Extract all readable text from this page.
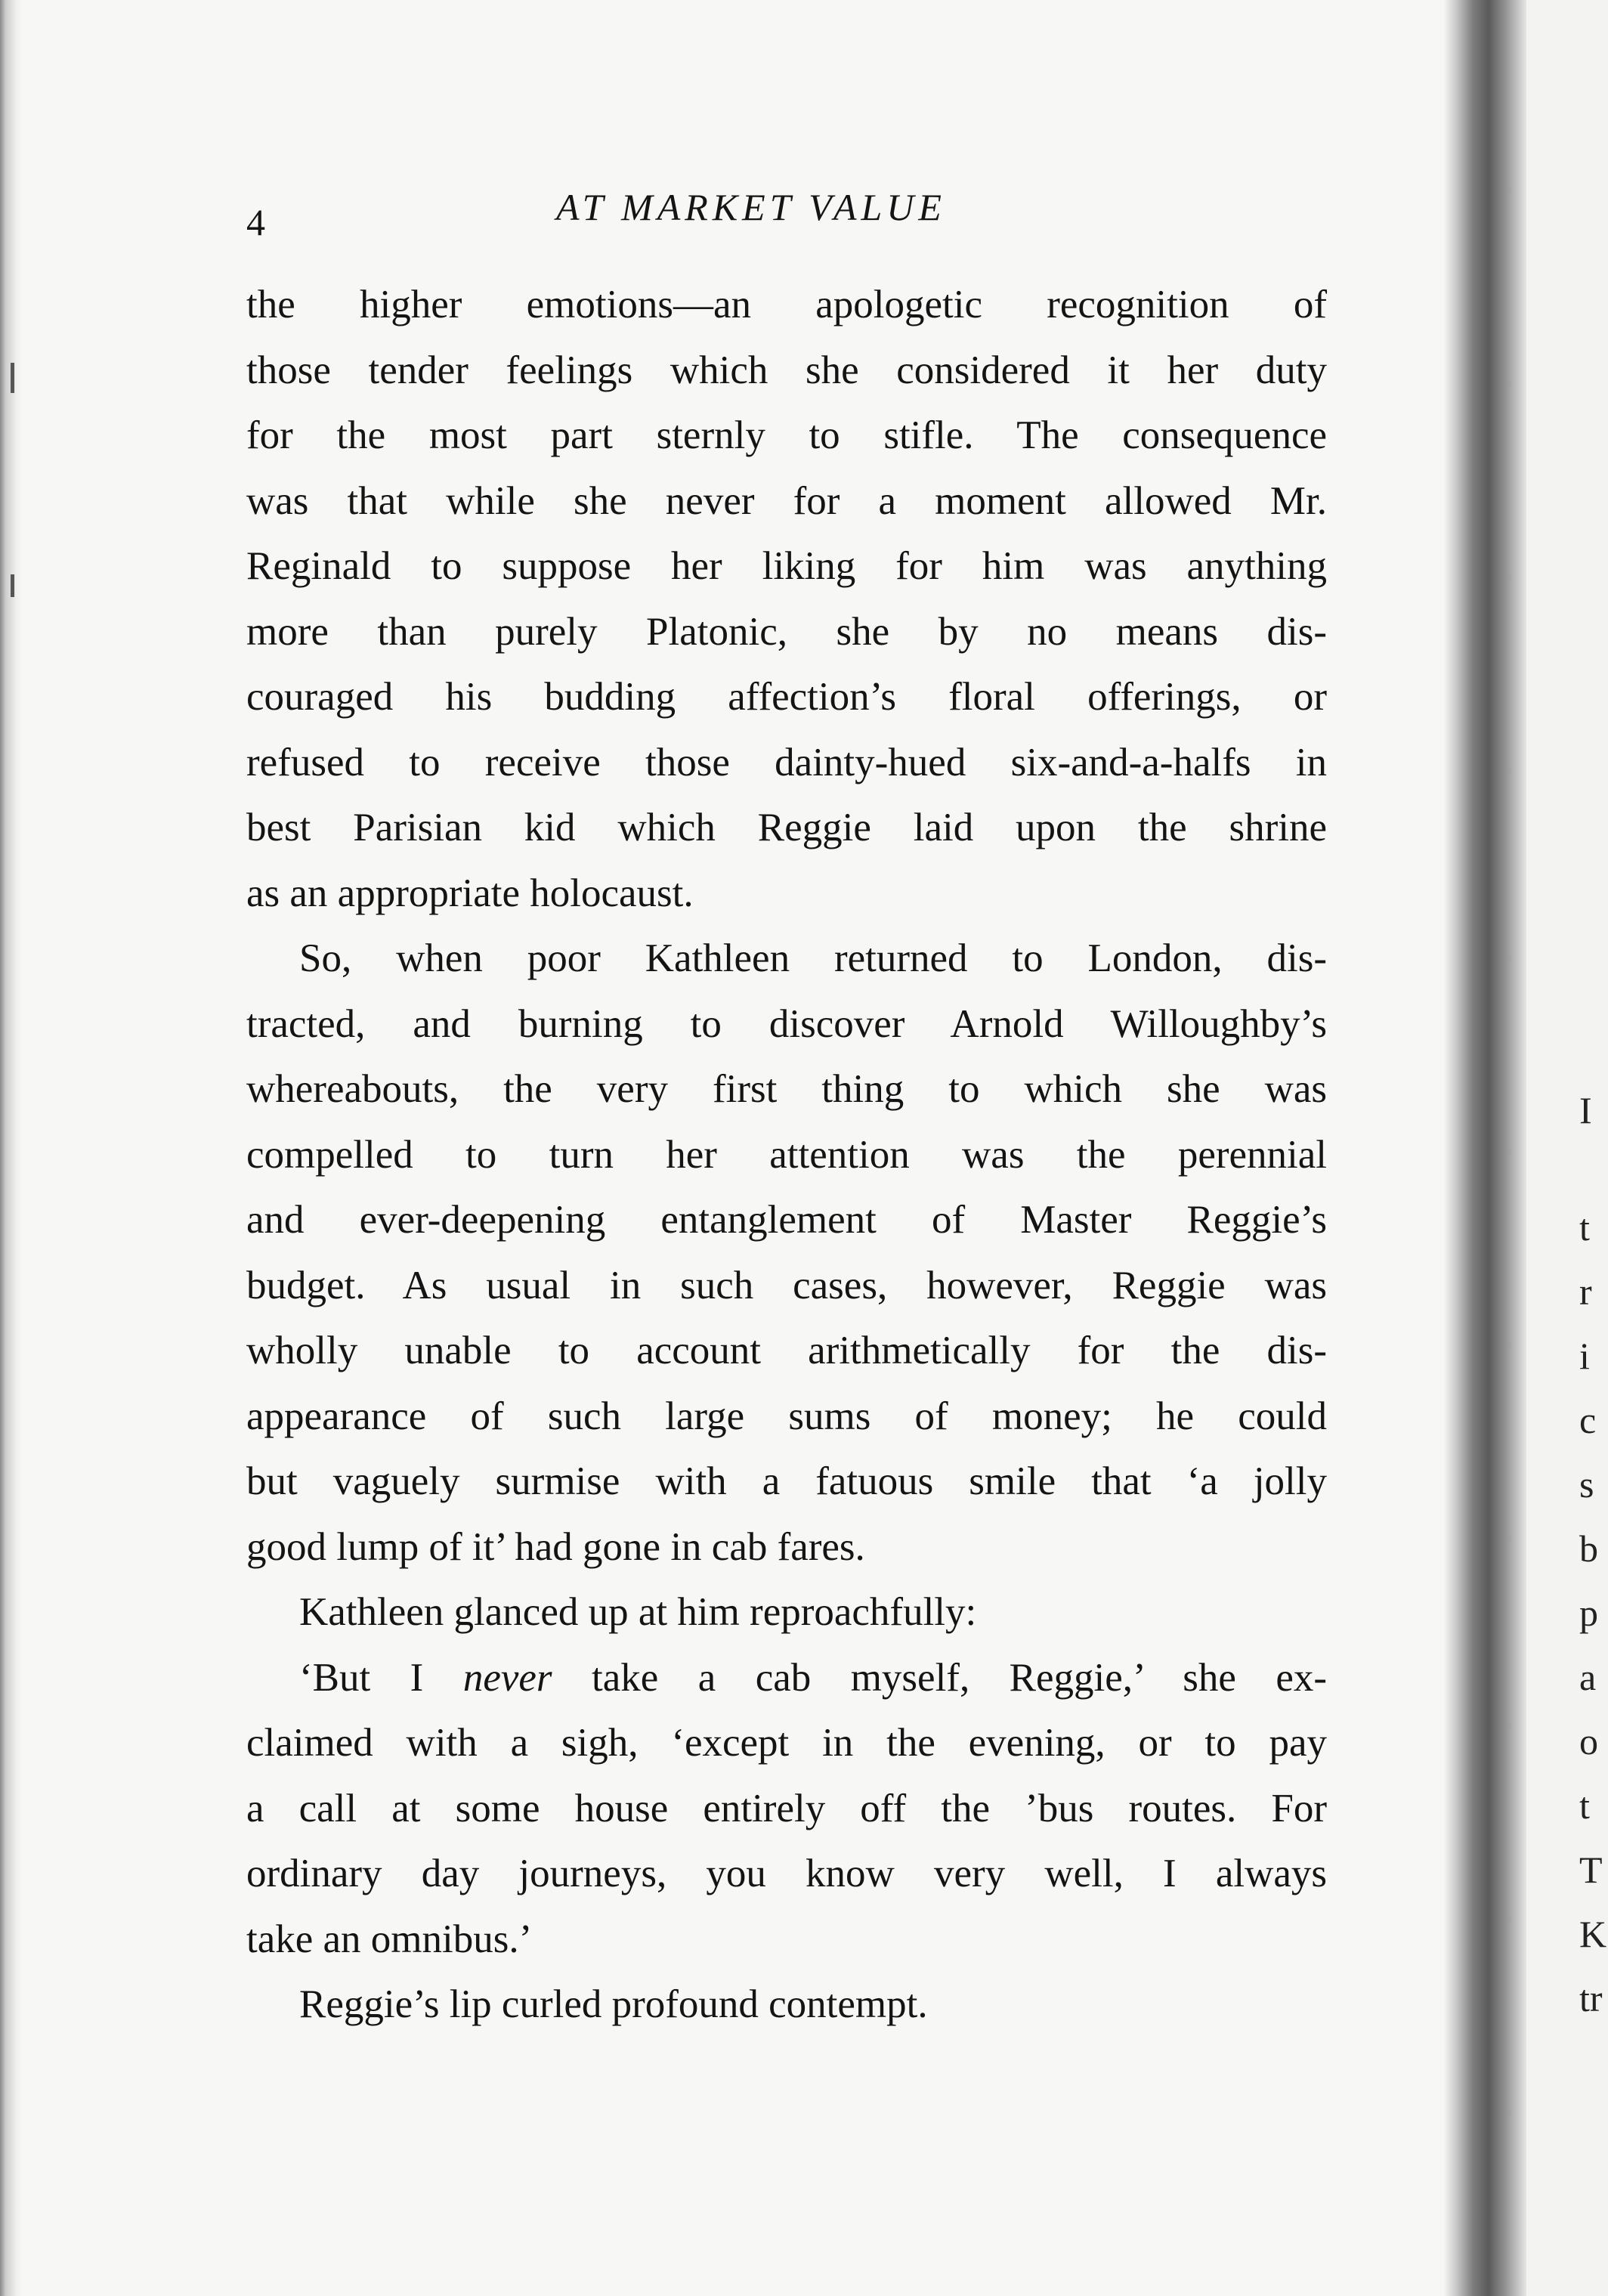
4	AT MARKET VALUE
the higher emotions—an apologetic recognition of
those tender feelings which she considered it her duty
for the most part sternly to stifle. The consequence
was that while she never for a moment allowed Mr.
Reginald to suppose her liking for him was anything
more than purely Platonic, she by no means dis-
couraged his budding affection’s floral offerings, or
refused to receive those dainty-hued six-and-a-halfs in
best Parisian kid which Reggie laid upon the shrine
as an appropriate holocaust.
So, when poor Kathleen returned to London, dis-
tracted, and burning to discover Arnold Willoughby’s
whereabouts, the very first thing to which she was
compelled to turn her attention was the perennial
and ever-deepening entanglement of Master Reggie’s
budget. As usual in such cases, however, Reggie was
wholly unable to account arithmetically for the dis-
appearance of such large sums of money; he could
but vaguely surmise with a fatuous smile that ‘a jolly
good lump of it’ had gone in cab fares.
Kathleen glanced up at him reproachfully:
‘But I never take a cab myself, Reggie,’ she ex-
claimed with a sigh, ‘except in the evening, or to pay
a call at some house entirely off the ’bus routes. For
ordinary day journeys, you know very well, I always
take an omnibus.’
Reggie’s lip curled profound contempt.
I
t
r
i
c
s
b
p
a
o
t
T
K
tr
